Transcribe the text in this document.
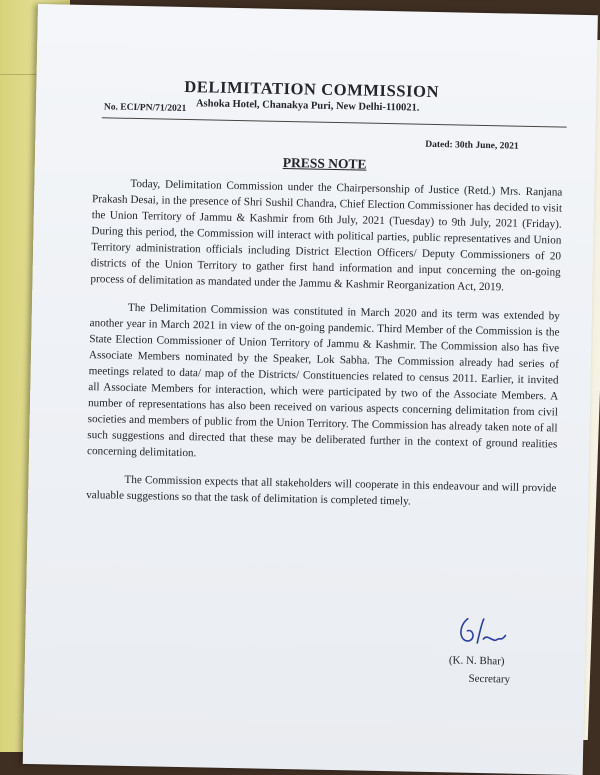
DELIMITATION COMMISSION
Ashoka Hotel, Chanakya Puri, New Delhi-110021.
No. ECI/PN/71/2021
Dated: 30th June, 2021
PRESS NOTE

Today, Delimitation Commission under the Chairpersonship of Justice (Retd.) Mrs. Ranjana Prakash Desai, in the presence of Shri Sushil Chandra, Chief Election Commissioner has decided to visit the Union Territory of Jammu & Kashmir from 6th July, 2021 (Tuesday) to 9th July, 2021 (Friday). During this period, the Commission will interact with political parties, public representatives and Union Territory administration officials including District Election Officers/ Deputy Commissioners of 20 districts of the Union Territory to gather first hand information and input concerning the on-going process of delimitation as mandated under the Jammu & Kashmir Reorganization Act, 2019.

The Delimitation Commission was constituted in March 2020 and its term was extended by another year in March 2021 in view of the on-going pandemic. Third Member of the Commission is the State Election Commissioner of Union Territory of Jammu & Kashmir. The Commission also has five Associate Members nominated by the Speaker, Lok Sabha. The Commission already had series of meetings related to data/ map of the Districts/ Constituencies related to census 2011. Earlier, it invited all Associate Members for interaction, which were participated by two of the Associate Members. A number of representations has also been received on various aspects concerning delimitation from civil societies and members of public from the Union Territory. The Commission has already taken note of all such suggestions and directed that these may be deliberated further in the context of ground realities concerning delimitation.

The Commission expects that all stakeholders will cooperate in this endeavour and will provide valuable suggestions so that the task of delimitation is completed timely.

(K. N. Bhar)
Secretary
